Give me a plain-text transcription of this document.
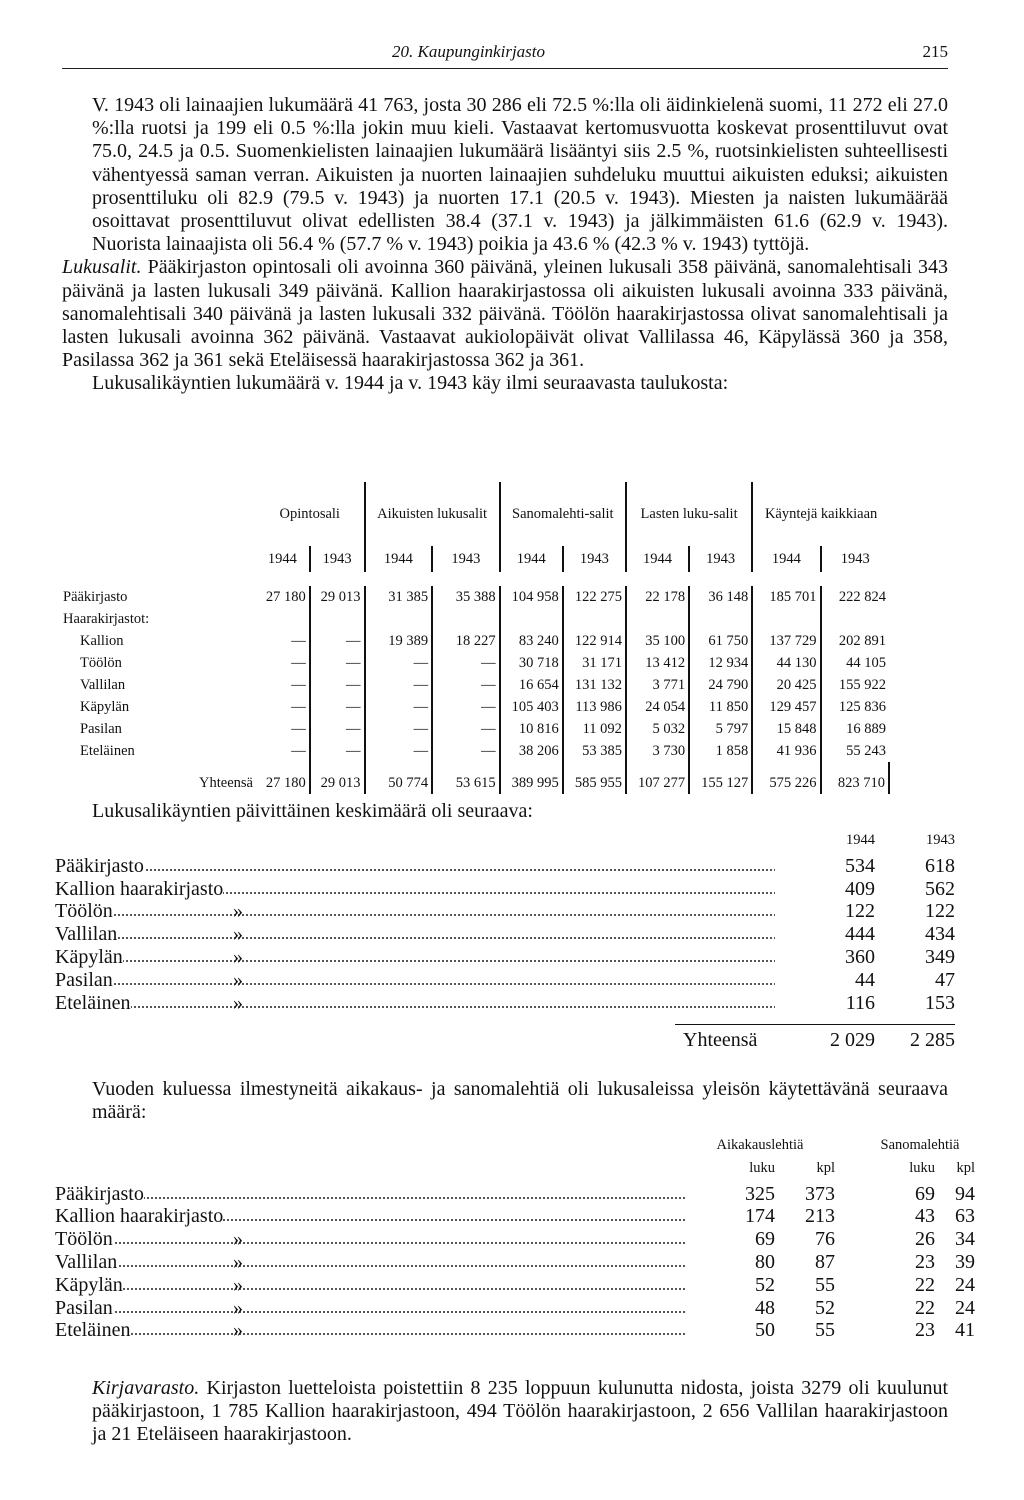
20. Kaupunginkirjasto	215

V. 1943 oli lainaajien lukumäärä 41 763, josta 30 286 eli 72.5 %:lla oli äidinkielenä suomi, 11 272 eli 27.0 %:lla ruotsi ja 199 eli 0.5 %:lla jokin muu kieli. Vastaavat kertomusvuotta koskevat prosenttiluvut ovat 75.0, 24.5 ja 0.5. Suomenkielisten lainaajien lukumäärä lisääntyi siis 2.5 %, ruotsinkielisten suhteellisesti vähentyessä saman verran. Aikuisten ja nuorten lainaajien suhdeluku muuttui aikuisten eduksi; aikuisten prosenttiluku oli 82.9 (79.5 v. 1943) ja nuorten 17.1 (20.5 v. 1943). Miesten ja naisten lukumäärää osoittavat prosenttiluvut olivat edellisten 38.4 (37.1 v. 1943) ja jälkimmäisten 61.6 (62.9 v. 1943). Nuorista lainaajista oli 56.4 % (57.7 % v. 1943) poikia ja 43.6 % (42.3 % v. 1943) tyttöjä.

Lukusalit. Pääkirjaston opintosali oli avoinna 360 päivänä, yleinen lukusali 358 päivänä, sanomalehtisali 343 päivänä ja lasten lukusali 349 päivänä. Kallion haarakirjastossa oli aikuisten lukusali avoinna 333 päivänä, sanomalehtisali 340 päivänä ja lasten lukusali 332 päivänä. Töölön haarakirjastossa olivat sanomalehtisali ja lasten lukusali avoinna 362 päivänä. Vastaavat aukiolopäivät olivat Vallilassa 46, Käpylässä 360 ja 358, Pasilassa 362 ja 361 sekä Eteläisessä haarakirjastossa 362 ja 361.

Lukusalikäyntien lukumäärä v. 1944 ja v. 1943 käy ilmi seuraavasta taulukosta:

	Opintosali		Aikuisten lukusalit		Sanomalehti-salit		Lasten luku-salit		Käyntejä kaikkiaan	
	1944	1943	1944	1943	1944	1943	1944	1943	1944	1943

Pääkirjasto	27 180	29 013	31 385	35 388	104 958	122 275	22 178	36 148	185 701	222 824
Haarakirjastot:										
Kallion	—	—	19 389	18 227	83 240	122 914	35 100	61 750	137 729	202 891
Töölön	—	—	—	—	30 718	31 171	13 412	12 934	44 130	44 105
Vallilan	—	—	—	—	16 654	131 132	3 771	24 790	20 425	155 922
Käpylän	—	—	—	—	105 403	113 986	24 054	11 850	129 457	125 836
Pasilan	—	—	—	—	10 816	11 092	5 032	5 797	15 848	16 889
Eteläinen	—	—	—	—	38 206	53 385	3 730	1 858	41 936	55 243
Yhteensä	27 180	29 013	50 774	53 615	389 995	585 955	107 277	155 127	575 226	823 710

Lukusalikäyntien päivittäinen keskimäärä oli seuraava:

1944	1943
Pääkirjasto	534	618
Kallion haarakirjasto	409	562
Töölön	»	122	122
Vallilan	»	444	434
Käpylän	»	360	349
Pasilan	»	44	47
Eteläinen	»	116	153
Yhteensä	2 029	2 285

Vuoden kuluessa ilmestyneitä aikakaus- ja sanomalehtiä oli lukusaleissa yleisön käytettävänä seuraava määrä:

Aikakauslehtiä	Sanomalehtiä
luku	kpl	luku	kpl
Pääkirjasto	325	373	69	94
Kallion haarakirjasto	174	213	43	63
Töölön	»	69	76	26	34
Vallilan	»	80	87	23	39
Käpylän	»	52	55	22	24
Pasilan	»	48	52	22	24
Eteläinen	»	50	55	23	41

Kirjavarasto. Kirjaston luetteloista poistettiin 8 235 loppuun kulunutta nidosta, joista 3279 oli kuulunut pääkirjastoon, 1 785 Kallion haarakirjastoon, 494 Töölön haarakirjastoon, 2 656 Vallilan haarakirjastoon ja 21 Eteläiseen haarakirjastoon.
